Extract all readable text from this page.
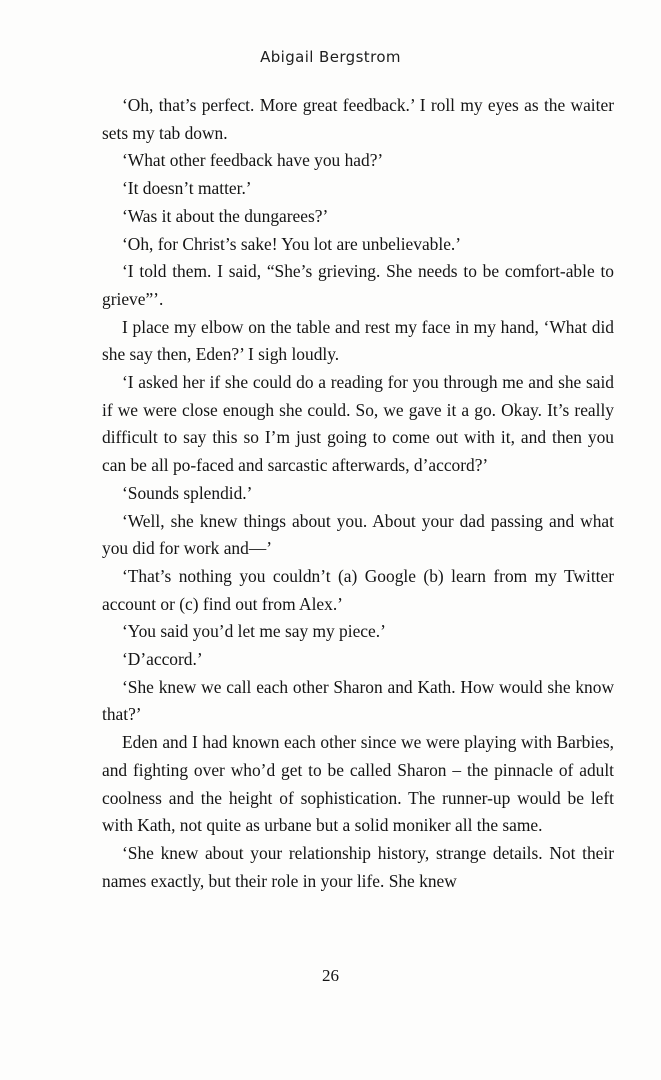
Abigail Bergstrom

‘Oh, that’s perfect. More great feedback.’ I roll my eyes as the waiter sets my tab down.

‘What other feedback have you had?’

‘It doesn’t matter.’

‘Was it about the dungarees?’

‘Oh, for Christ’s sake! You lot are unbelievable.’

‘I told them. I said, “She’s grieving. She needs to be comfort-able to grieve”’.

I place my elbow on the table and rest my face in my hand, ‘What did she say then, Eden?’ I sigh loudly.

‘I asked her if she could do a reading for you through me and she said if we were close enough she could. So, we gave it a go. Okay. It’s really difficult to say this so I’m just going to come out with it, and then you can be all po-faced and sarcastic afterwards, d’accord?’

‘Sounds splendid.’

‘Well, she knew things about you. About your dad passing and what you did for work and—’

‘That’s nothing you couldn’t (a) Google (b) learn from my Twitter account or (c) find out from Alex.’

‘You said you’d let me say my piece.’

‘D’accord.’

‘She knew we call each other Sharon and Kath. How would she know that?’

Eden and I had known each other since we were playing with Barbies, and fighting over who’d get to be called Sharon – the pinnacle of adult coolness and the height of sophistication. The runner-up would be left with Kath, not quite as urbane but a solid moniker all the same.

‘She knew about your relationship history, strange details. Not their names exactly, but their role in your life. She knew

26
